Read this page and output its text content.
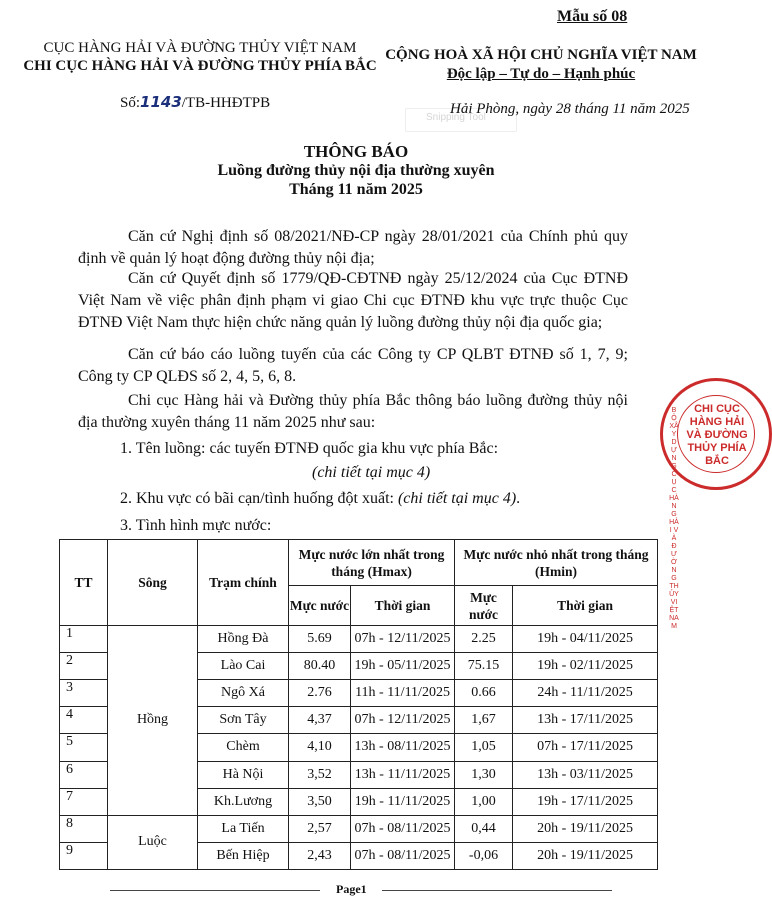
Mẫu số 08
CỤC HÀNG HẢI VÀ ĐƯỜNG THỦY VIỆT NAM
CHI CỤC HÀNG HẢI VÀ ĐƯỜNG THỦY PHÍA BẮC
CỘNG HOÀ XÃ HỘI CHỦ NGHĨA VIỆT NAM
Độc lập – Tự do – Hạnh phúc
Số:1143/TB-HHĐTPB
Snipping Tool
Hải Phòng, ngày 28 tháng 11 năm 2025
THÔNG BÁO
Luồng đường thủy nội địa thường xuyên
Tháng 11 năm 2025
Căn cứ Nghị định số 08/2021/NĐ-CP ngày 28/01/2021 của Chính phủ quy định về quản lý hoạt động đường thủy nội địa;
Căn cứ Quyết định số 1779/QĐ-CĐTNĐ ngày 25/12/2024 của Cục ĐTNĐ Việt Nam về việc phân định phạm vi giao Chi cục ĐTNĐ khu vực trực thuộc Cục ĐTNĐ Việt Nam thực hiện chức năng quản lý luồng đường thủy nội địa quốc gia;
Căn cứ báo cáo luồng tuyến của các Công ty CP QLBT ĐTNĐ số 1, 7, 9; Công ty CP QLĐS số 2, 4, 5, 6, 8.
Chi cục Hàng hải và Đường thủy phía Bắc thông báo luồng đường thủy nội địa thường xuyên tháng 11 năm 2025 như sau:
1. Tên luồng: các tuyến ĐTNĐ quốc gia khu vực phía Bắc:
(chi tiết tại mục 4)
2. Khu vực có bãi cạn/tình huống đột xuất: (chi tiết tại mục 4).
3. Tình hình mực nước:
TT	Sông	Trạm chính	Mực nước lớn nhất trong tháng (Hmax)		Mực nước nhỏ nhất trong tháng (Hmin)	
			Mực nước	Thời gian	Mực nước	Thời gian
1	Hồng	Hồng Đà	5.69	07h - 12/11/2025	2.25	19h - 04/11/2025
2		Lào Cai	80.40	19h - 05/11/2025	75.15	19h - 02/11/2025
3		Ngô Xá	2.76	11h - 11/11/2025	0.66	24h - 11/11/2025
4		Sơn Tây	4,37	07h - 12/11/2025	1,67	13h - 17/11/2025
5		Chèm	4,10	13h - 08/11/2025	1,05	07h - 17/11/2025
6		Hà Nội	3,52	13h - 11/11/2025	1,30	13h - 03/11/2025
7		Kh.Lương	3,50	19h - 11/11/2025	1,00	19h - 17/11/2025
8	Luộc	La Tiến	2,57	07h - 08/11/2025	0,44	20h - 19/11/2025
9		Bến Hiệp	2,43	07h - 08/11/2025	-0,06	20h - 19/11/2025
Page1
BỘ XÂY DỰNG CỤC HÀNG HẢI VÀ ĐƯỜNG THỦY VIỆT NAM
CHI CỤC HÀNG HẢI VÀ ĐƯỜNG THỦY PHÍA BẮC
